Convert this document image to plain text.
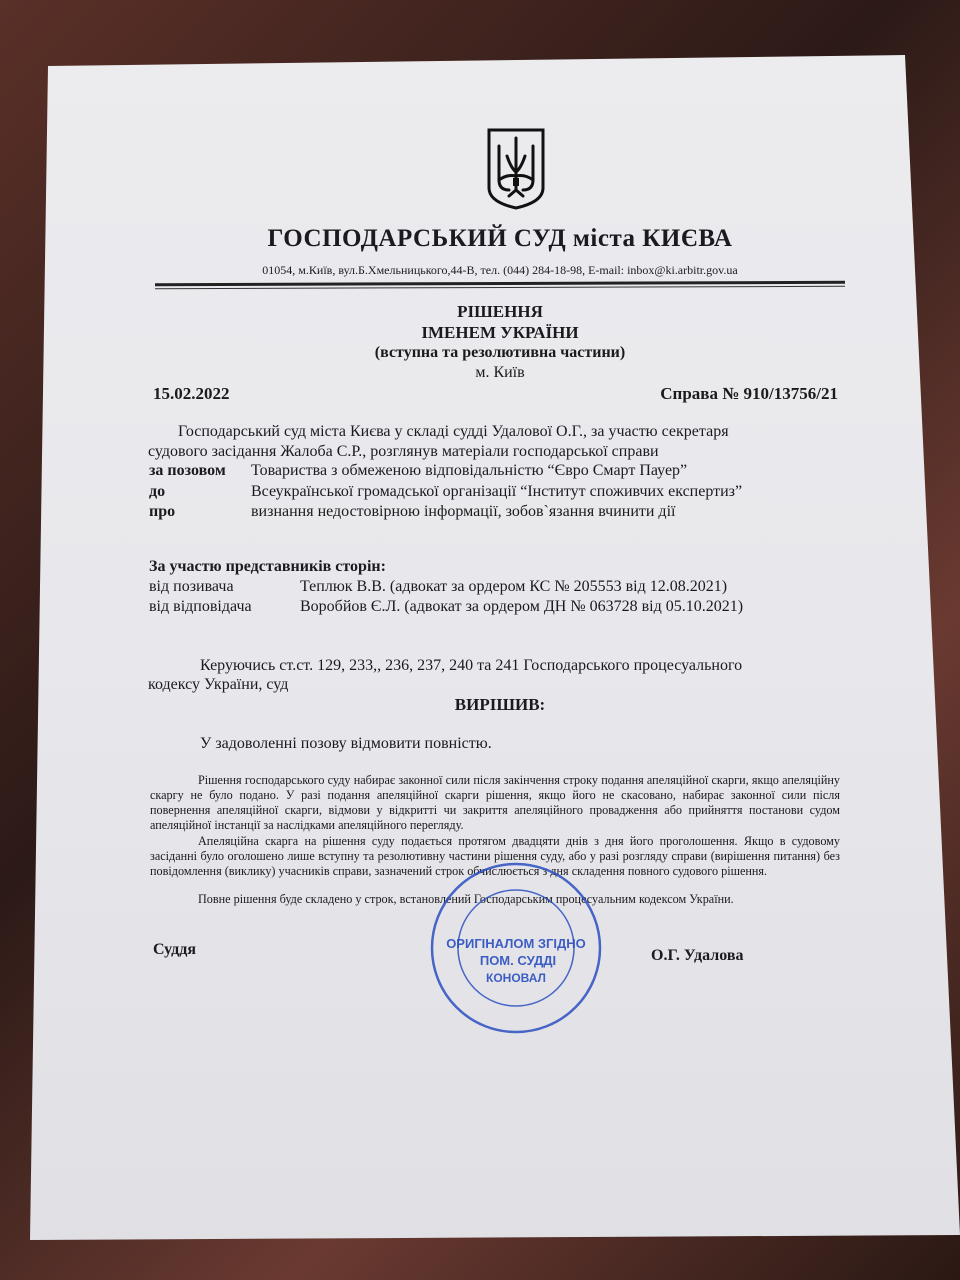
ГОСПОДАРСЬКИЙ СУД міста КИЄВА
01054, м.Київ, вул.Б.Хмельницького,44-В, тел. (044) 284-18-98, E-mail: inbox@ki.arbitr.gov.ua
РІШЕННЯ
ІМЕНЕМ УКРАЇНИ
(вступна та резолютивна частини)
м. Київ
15.02.2022	Справа № 910/13756/21
Господарський суд міста Києва у складі судді Удалової О.Г., за участю секретаря
судового засідання Жалоба С.Р., розглянув матеріали господарської справи
за позовом Товариства з обмеженою відповідальністю “Євро Смарт Пауер”
до	Всеукраїнської громадської організації “Інститут споживчих експертиз”
про	визнання недостовірною інформації, зобов`язання вчинити дії
За участю представників сторін:
від позивача	Теплюк В.В. (адвокат за ордером КС № 205553 від 12.08.2021)
від відповідача	Воробйов Є.Л. (адвокат за ордером ДН № 063728 від 05.10.2021)
Керуючись ст.ст. 129, 233,, 236, 237, 240 та 241 Господарського процесуального
кодексу України, суд
ВИРІШИВ:
У задоволенні позову відмовити повністю.
Рішення господарського суду набирає законної сили після закінчення строку подання апеляційної скарги, якщо апеляційну скаргу не було подано. У разі подання апеляційної скарги рішення, якщо його не скасовано, набирає законної сили після повернення апеляційної скарги, відмови у відкритті чи закриття апеляційного провадження або прийняття постанови судом апеляційної інстанції за наслідками апеляційного перегляду.
Апеляційна скарга на рішення суду подається протягом двадцяти днів з дня його проголошення. Якщо в судовому засіданні було оголошено лише вступну та резолютивну частини рішення суду, або у разі розгляду справи (вирішення питання) без повідомлення (виклику) учасників справи, зазначений строк обчислюється з дня складення повного судового рішення.
Повне рішення буде складено у строк, встановлений Господарським процесуальним кодексом України.
Суддя	О.Г. Удалова
ОРИГІНАЛОМ ЗГІДНО
ПОМ. СУДДІ
КОНОВАЛ
